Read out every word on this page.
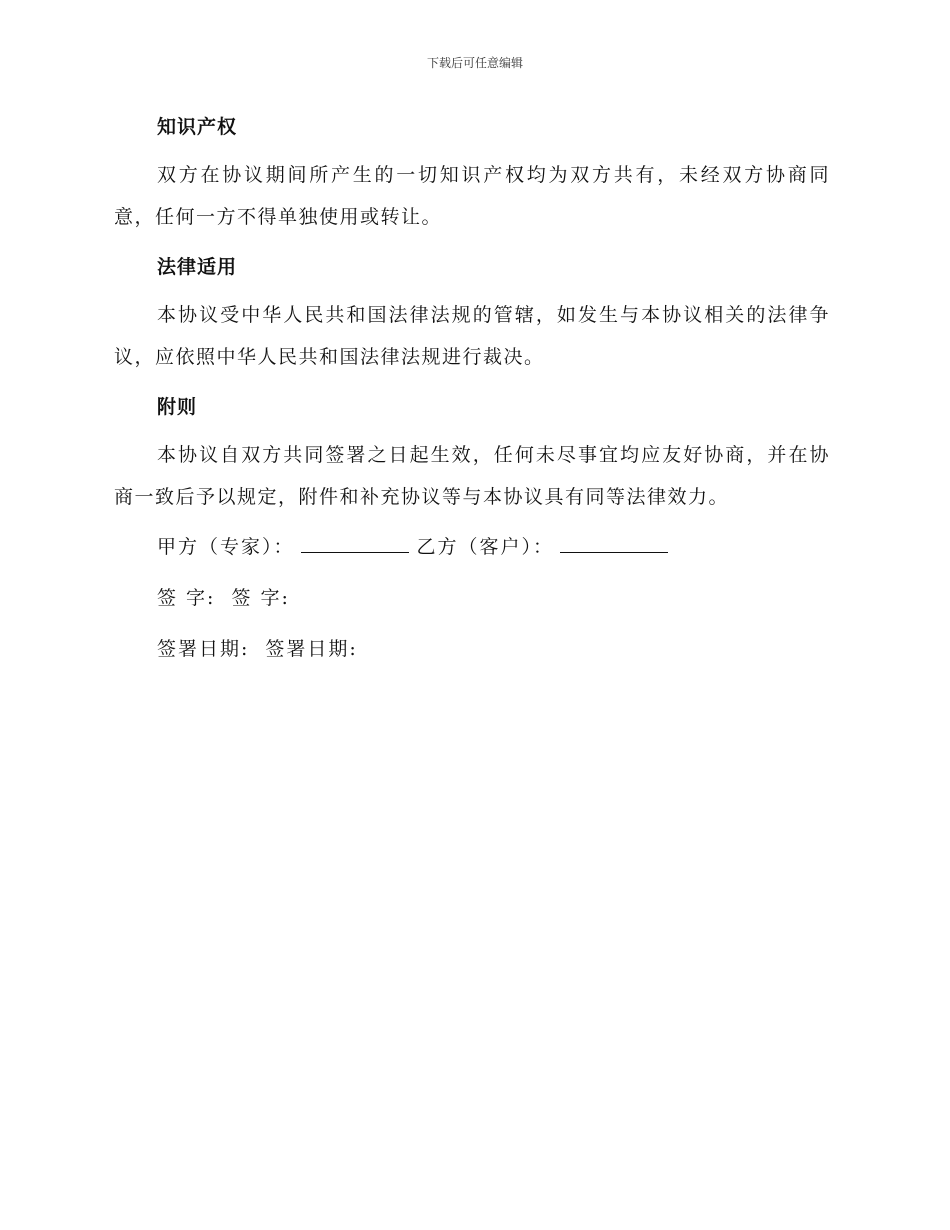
下载后可任意编辑
知识产权

双方在协议期间所产生的一切知识产权均为双方共有，未经双方协商同意，任何一方不得单独使用或转让。

法律适用

本协议受中华人民共和国法律法规的管辖，如发生与本协议相关的法律争议，应依照中华人民共和国法律法规进行裁决。

附则

本协议自双方共同签署之日起生效，任何未尽事宜均应友好协商，并在协商一致后予以规定，附件和补充协议等与本协议具有同等法律效力。

甲方（专家）：	乙方（客户）：
签 字: 签 字:
签署日期: 签署日期:
